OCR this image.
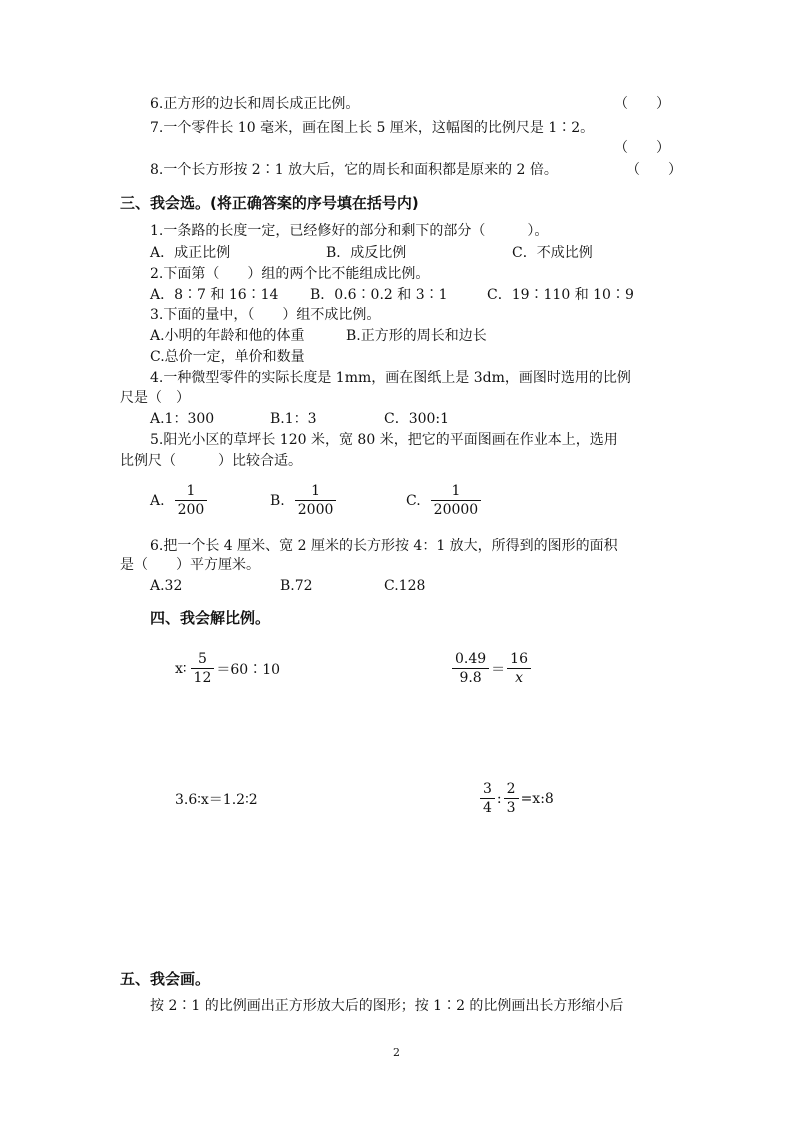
6.正方形的边长和周长成正比例。	（　　）
7.一个零件长 10 毫米，画在图上长 5 厘米，这幅图的比例尺是 1∶2。
（　　）
8.一个长方形按 2∶1 放大后，它的周长和面积都是原来的 2 倍。	（　　）
三、我会选。(将正确答案的序号填在括号内)
1.一条路的长度一定，已经修好的部分和剩下的部分（　　　）。
A．成正比例	B．成反比例	C．不成比例
2.下面第（　　）组的两个比不能组成比例。
A．8∶7 和 16∶14 B．0.6∶0.2 和 3∶1	C．19∶110 和 10∶9
3.下面的量中，（　　）组不成比例。
A.小明的年龄和他的体重	B.正方形的周长和边长
C.总价一定，单价和数量
4.一种微型零件的实际长度是 1mm，画在图纸上是 3dm，画图时选用的比例
尺是（　）
A.1：300	B.1：3	C．300:1
5.阳光小区的草坪长 120 米，宽 80 米，把它的平面图画在作业本上，选用
比例尺（　　　）比较合适。
A. $\frac{1}{200}$	B. $\frac{1}{2000}$	C. $\frac{1}{20000}$
6.把一个长 4 厘米、宽 2 厘米的长方形按 4：1 放大，所得到的图形的面积
是（　　）平方厘米。
A.32	B.72	C.128
四、我会解比例。
x∶ $\frac{5}{12}$ ＝60∶10	$\frac{0.49}{9.8} = \frac{16}{x}$
3.6∶x＝1.2∶2	$\frac{3}{4}$ : $\frac{2}{3}$ =x:8
五、我会画。
按 2∶1 的比例画出正方形放大后的图形；按 1∶2 的比例画出长方形缩小后
2
